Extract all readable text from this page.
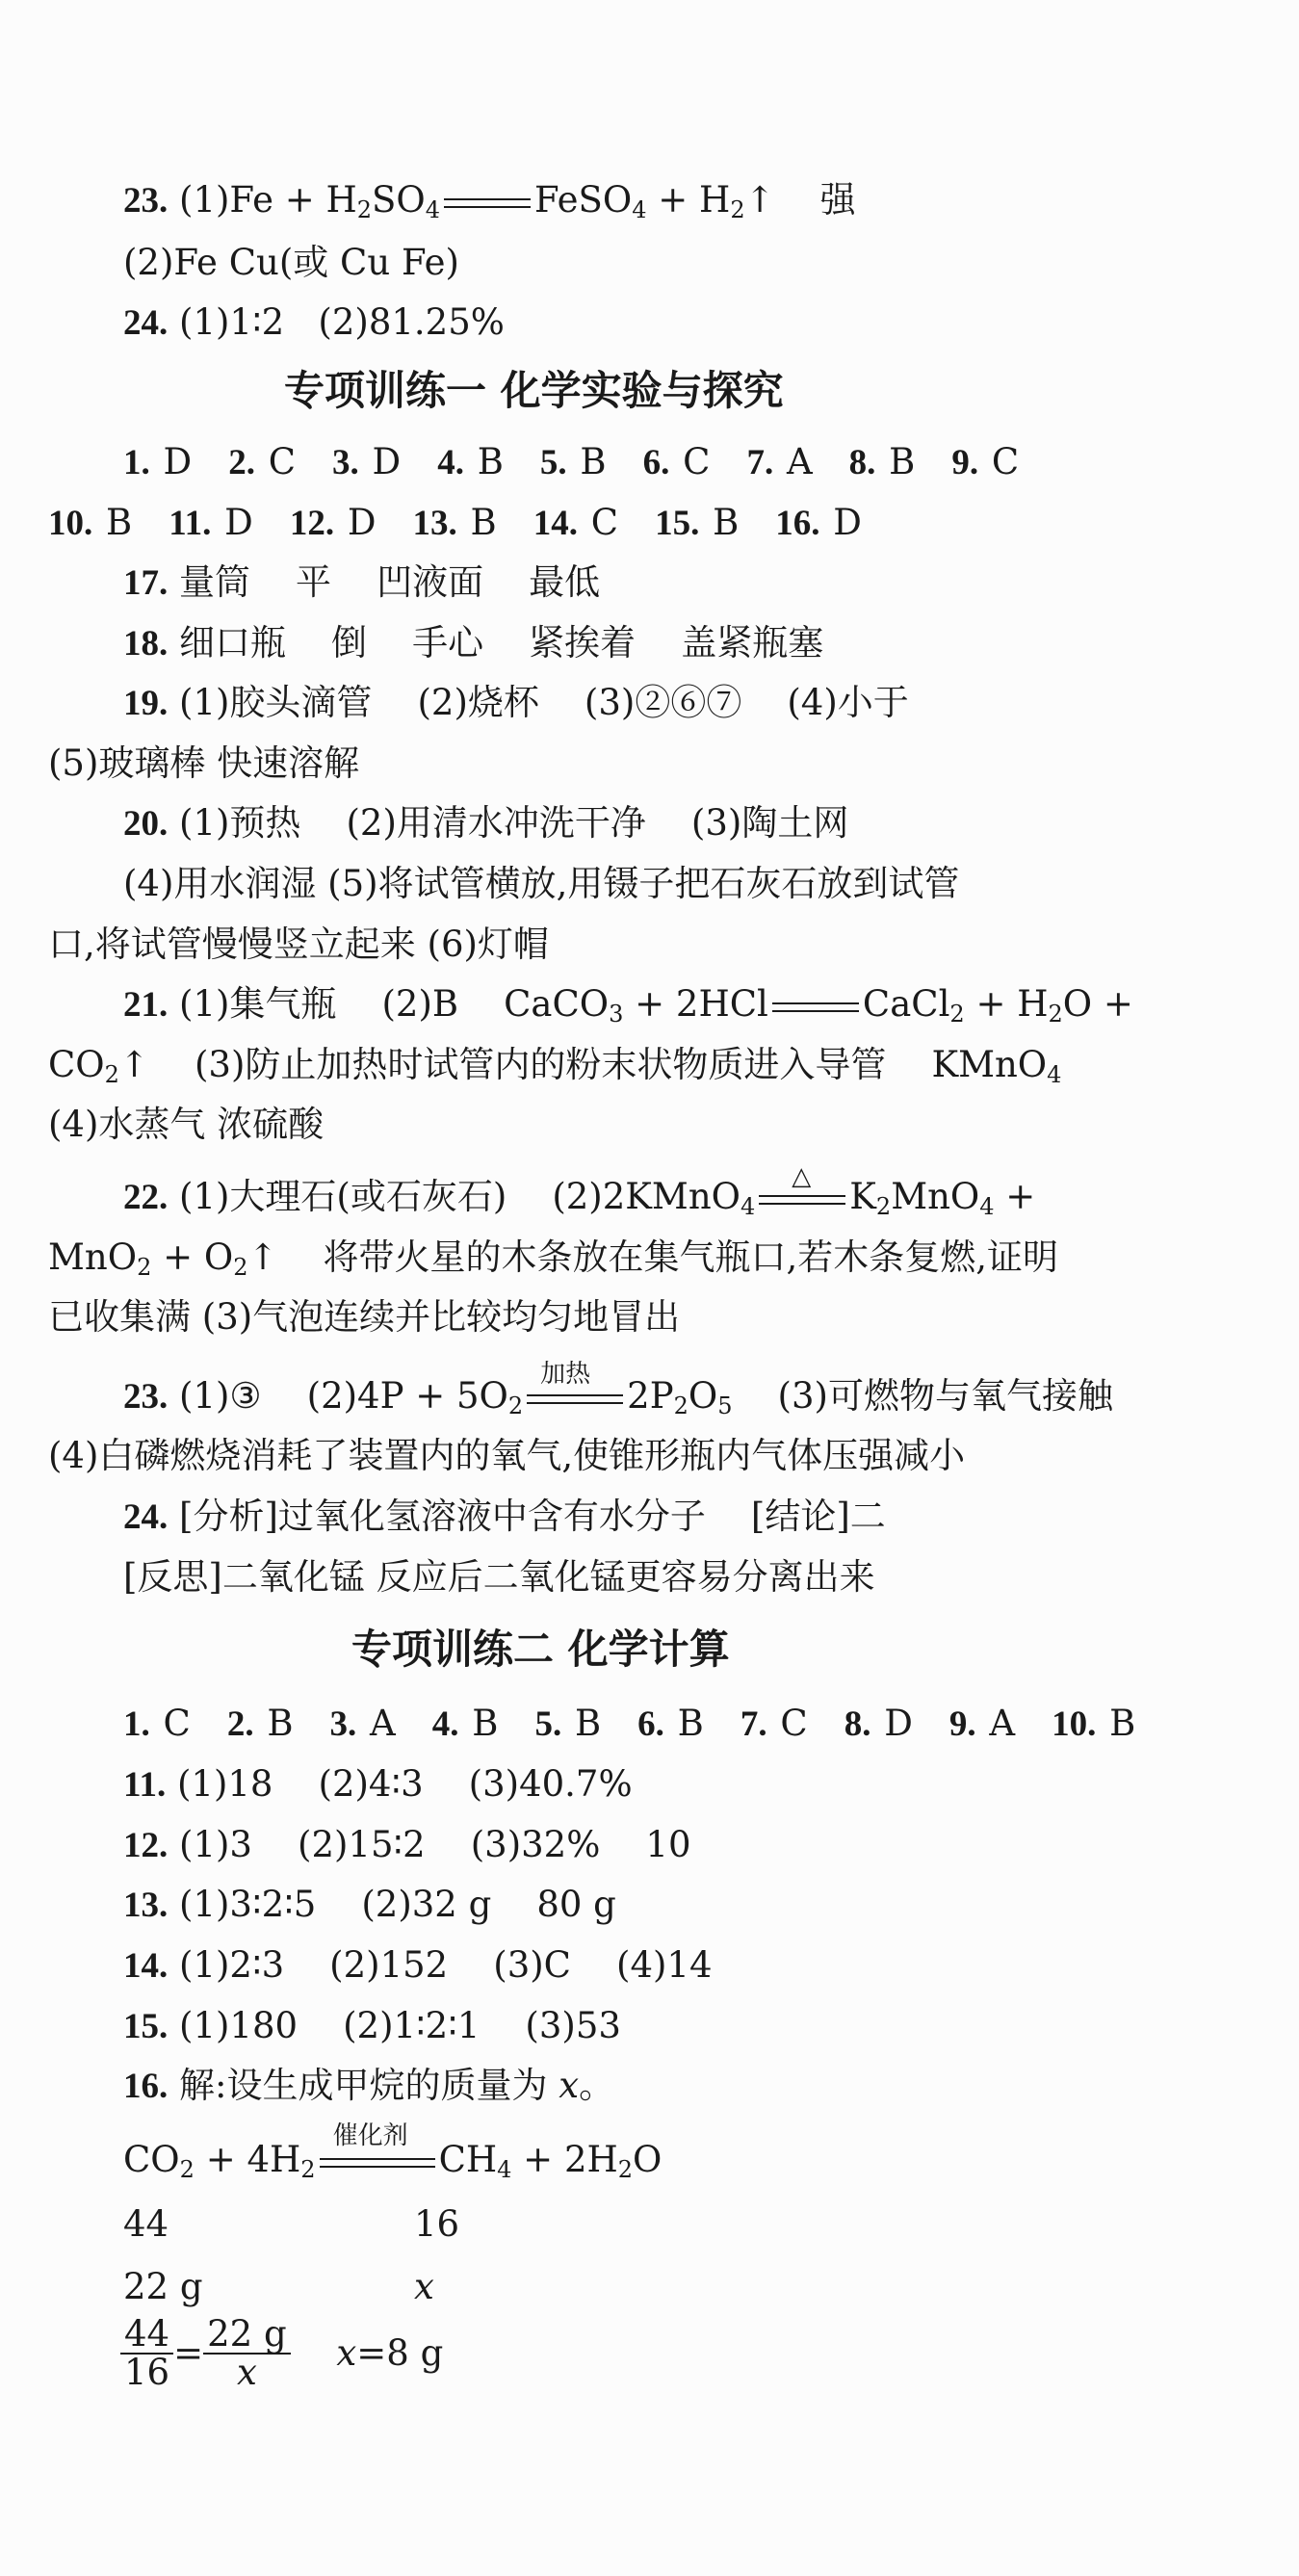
23. $(1)Fe + H_2SO_4$	FeSO$_4$ + $H_2↑$    强
(2)Fe Cu(或 Cu Fe)
24. (1)1∶2   (2)81.25%
专项训练一 化学实验与探究
1. D 2. C 3. D 4. B 5. B 6. C 7. A 8. B 9. C
10. B 11. D 12. D 13. B 14. C 15. B 16. D
17. 量筒    平    凹液面    最低
18. 细口瓶    倒    手心    紧挨着    盖紧瓶塞
19. (1)胶头滴管    (2)烧杯    (3)②⑥⑦    (4)小于
(5)玻璃棒 快速溶解
20. (1)预热    (2)用清水冲洗干净    (3)陶土网
(4)用水润湿 (5)将试管横放,用镊子把石灰石放到试管
口,将试管慢慢竖立起来 (6)灯帽
21. (1)集气瓶    (2)B    CaCO$_3$ + 2HCl	CaCl$_2$ + $H_2O$ +
$CO_2↑$    (3)防止加热时试管内的粉末状物质进入导管    KMnO$_4$
(4)水蒸气 浓硫酸
22. (1)大理石(或石灰石)    (2)2KMnO$_4$
△ $K_2MnO_4$ +
$MnO_2 + O_2↑$    将带火星的木条放在集气瓶口,若木条复燃,证明
已收集满 (3)气泡连续并比较均匀地冒出
23. (1)③    $(2)4P + 5O_2$
加热
$2P_2O_5$    (3)可燃物与氧气接触
(4)白磷燃烧消耗了装置内的氧气,使锥形瓶内气体压强减小
24. [分析]过氧化氢溶液中含有水分子    [结论]二
[反思]二氧化锰 反应后二氧化锰更容易分离出来
专项训练二 化学计算
1. C 2. B 3. A 4. B 5. B 6. B 7. C 8. D 9. A 10. B
11. (1)18    (2)4∶3    (3)40.7%
12. (1)3    (2)15∶2    (3)32%    10
13. (1)3∶2∶5    (2)32 g    80 g
14. (1)2∶3    (2)152    (3)C    (4)14
15. (1)180    (2)1∶2∶1    (3)53
16. 解:设生成甲烷的质量为 x。
$CO_2 + 4H_2$
催化剂
$CH_4 + 2H_2O$
44	16
22 g	x
$\frac{44}{16} = \frac{22 g}{x} x=8$ g
